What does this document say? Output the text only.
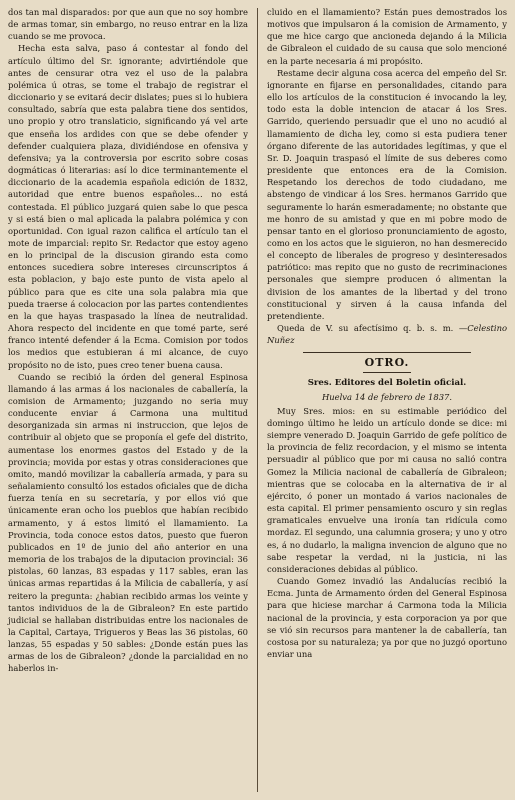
dos tan mal disparados: por que aun que no soy hombre de armas tomar, sin embargo, no reuso entrar en la liza cuando se me provoca.

Hecha esta salva, paso á contestar al fondo del artículo último del Sr. ignorante; advirtiéndole que antes de censurar otra vez el uso de la palabra polémica ú otras, se tome el trabajo de registrar el diccionario y se evitará decir dislates; pues si lo hubiera consultado, sabría que esta palabra tiene dos sentidos, uno propio y otro translaticio, significando yá vel arte que enseña los ardides con que se debe ofender y defender cualquiera plaza, dividiéndose en ofensiva y defensiva; ya la controversia por escrito sobre cosas dogmáticas ó literarias: así lo dice terminantemente el diccionario de la academia española edición de 1832, autoridad que entre buenos españoles... no está contestada. El público juzgará quien sabe lo que pesca y si está bien o mal aplicada la palabra polémica y con oportunidad. Con igual razon califica el artículo tan el mote de imparcial: repito Sr. Redactor que estoy ageno en lo principal de la discusion girando esta como entonces sucediera sobre intereses circunscriptos á esta poblacion, y bajo este punto de vista apelo al público para que es cite una sola palabra mia que pueda traerse á colocacion por las partes contendientes en la que hayas traspasado la línea de neutralidad. Ahora respecto del incidente en que tomé parte, seré franco intenté defender á la Ecma. Comision por todos los medios que estubieran á mi alcance, de cuyo propósito no de isto, pues creo tener buena causa.

Cuando se recibió la órden del general Espinosa llamando á las armas á los nacionales de caballería, la comision de Armamento; juzgando no seria muy conducente enviar á Carmona una multitud desorganizada sin armas ni instruccion, que lejos de contribuir al objeto que se proponía el gefe del distrito, aumentase los enormes gastos del Estado y de la provincia; movida por estas y otras consideraciones que omito, mandó movilizar la caballería armada, y para su señalamiento consultó los estados oficiales que de dicha fuerza tenía en su secretaría, y por ellos vió que únicamente eran ocho los pueblos que habían recibido armamento, y á estos limitó el llamamiento. La Provincia, toda conoce estos datos, puesto que fueron publicados en 1º de junio del año anterior en una memoria de los trabajos de la diputacion provincial: 36 pistolas, 60 lanzas, 83 espadas y 117 sables, eran las únicas armas repartidas á la Milicia de caballería, y así reitero la pregunta: ¿habian recibido armas los veinte y tantos individuos de la de Gibraleon? En este partido judicial se hallaban distribuidas entre los nacionales de la Capital, Cartaya, Trigueros y Beas las 36 pistolas, 60 lanzas, 55 espadas y 50 sables: ¿Donde están pues las armas de los de Gibraleon? ¿donde la parcialidad en no haberlos in-

cluido en el llamamiento? Están pues demostrados los motivos que impulsaron á la comision de Armamento, y que me hice cargo que ancioneda dejando á la Milicia de Gibraleon el cuidado de su causa que solo mencioné en la parte necesaria á mi propósito.

Restame decir alguna cosa acerca del empeño del Sr. ignorante en fijarse en personalidades, citando para ello los artículos de la constitucion é invocando la ley, todo esta la doble intencion de atacar á los Sres. Garrido, queriendo persuadir que el uno no acudió al llamamiento de dicha ley, como si esta pudiera tener órgano diferente de las autoridades legítimas, y que el Sr. D. Joaquin traspasó el límite de sus deberes como presidente que entonces era de la Comision. Respetando los derechos de todo ciudadano, me abstengo de vindicar á los Sres. hermanos Garrido que seguramente lo harán esmeradamente; no obstante que me honro de su amistad y que en mi pobre modo de pensar tanto en el glorioso pronunciamiento de agosto, como en los actos que le siguieron, no han desmerecido el concepto de liberales de progreso y desinteresados patriótico: mas repito que no gusto de recriminaciones personales que siempre producen ó alimentan la division de los amantes de la libertad y del trono constitucional y sirven á la causa infanda del pretendiente.

Queda de V. su afectísimo q. b. s. m. —Celestino Nuñez

OTRO.
Sres. Editores del Boletin oficial.
Huelva 14 de febrero de 1837.

Muy Sres. mios: en su estimable periódico del domingo último he leido un artículo donde se dice: mi siempre venerado D. Joaquin Garrido de gefe político de la provincia de feliz recordacion, y el mismo se intenta persuadir al público que por mi causa no salió contra Gomez la Milicia nacional de caballería de Gibraleon; mientras que se colocaba en la alternativa de ir al ejército, ó poner un montado á varios nacionales de esta capital. El primer pensamiento oscuro y sin reglas gramaticales envuelve una ironía tan ridícula como mordaz. El segundo, una calumnia grosera; y uno y otro es, á no dudarlo, la maligna invencion de alguno que no sabe respetar la verdad, ni la justicia, ni las consideraciones debidas al público.

Cuando Gomez invadió las Andalucías recibió la Ecma. Junta de Armamento órden del General Espinosa para que hiciese marchar á Carmona toda la Milicia nacional de la provincia, y esta corporacion ya por que se vió sin recursos para mantener la de caballería, tan costosa por su naturaleza; ya por que no juzgó oportuno enviar una
